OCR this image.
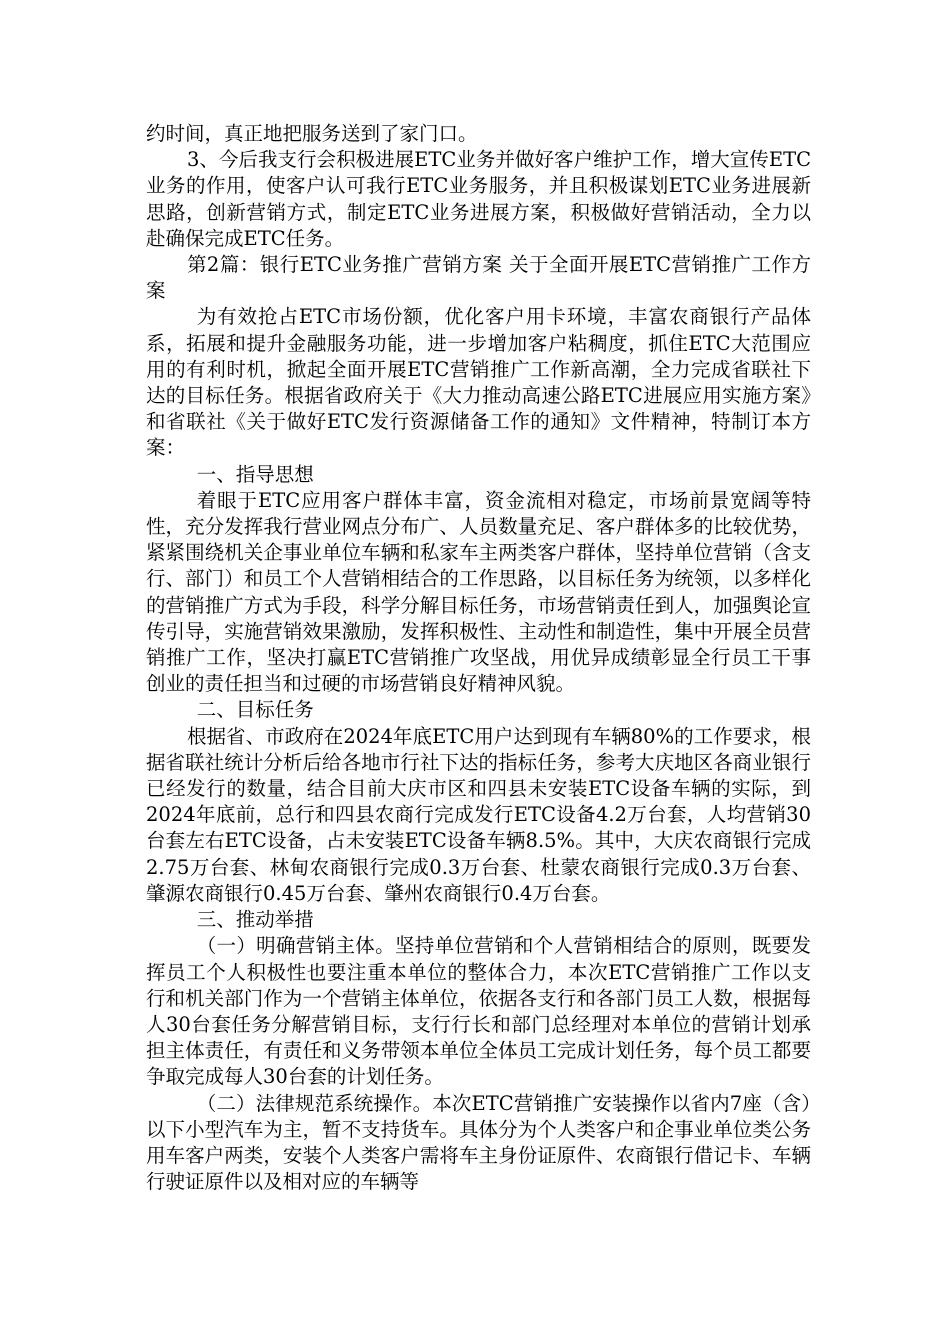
约时间，真正地把服务送到了家门口。

3、今后我支行会积极进展ETC业务并做好客户维护工作，增大宣传ETC业务的作用，使客户认可我行ETC业务服务，并且积极谋划ETC业务进展新思路，创新营销方式，制定ETC业务进展方案，积极做好营销活动，全力以赴确保完成ETC任务。

第2篇：银行ETC业务推广营销方案 关于全面开展ETC营销推广工作方案

为有效抢占ETC市场份额，优化客户用卡环境，丰富农商银行产品体系，拓展和提升金融服务功能，进一步增加客户粘稠度，抓住ETC大范围应用的有利时机，掀起全面开展ETC营销推广工作新高潮，全力完成省联社下达的目标任务。根据省政府关于《大力推动高速公路ETC进展应用实施方案》和省联社《关于做好ETC发行资源储备工作的通知》文件精神，特制订本方案：

一、指导思想

着眼于ETC应用客户群体丰富，资金流相对稳定，市场前景宽阔等特性，充分发挥我行营业网点分布广、人员数量充足、客户群体多的比较优势，紧紧围绕机关企事业单位车辆和私家车主两类客户群体，坚持单位营销（含支行、部门）和员工个人营销相结合的工作思路，以目标任务为统领，以多样化的营销推广方式为手段，科学分解目标任务，市场营销责任到人，加强舆论宣传引导，实施营销效果激励，发挥积极性、主动性和制造性，集中开展全员营销推广工作，坚决打赢ETC营销推广攻坚战，用优异成绩彰显全行员工干事创业的责任担当和过硬的市场营销良好精神风貌。

二、目标任务

根据省、市政府在2024年底ETC用户达到现有车辆80%的工作要求，根据省联社统计分析后给各地市行社下达的指标任务，参考大庆地区各商业银行已经发行的数量，结合目前大庆市区和四县未安装ETC设备车辆的实际，到2024年底前，总行和四县农商行完成发行ETC设备4.2万台套，人均营销30台套左右ETC设备，占未安装ETC设备车辆8.5%。其中，大庆农商银行完成2.75万台套、林甸农商银行完成0.3万台套、杜蒙农商银行完成0.3万台套、肇源农商银行0.45万台套、肇州农商银行0.4万台套。

三、推动举措

（一）明确营销主体。坚持单位营销和个人营销相结合的原则，既要发挥员工个人积极性也要注重本单位的整体合力，本次ETC营销推广工作以支行和机关部门作为一个营销主体单位，依据各支行和各部门员工人数，根据每人30台套任务分解营销目标，支行行长和部门总经理对本单位的营销计划承担主体责任，有责任和义务带领本单位全体员工完成计划任务，每个员工都要争取完成每人30台套的计划任务。

（二）法律规范系统操作。本次ETC营销推广安装操作以省内7座（含）以下小型汽车为主，暂不支持货车。具体分为个人类客户和企事业单位类公务用车客户两类，安装个人类客户需将车主身份证原件、农商银行借记卡、车辆行驶证原件以及相对应的车辆等
